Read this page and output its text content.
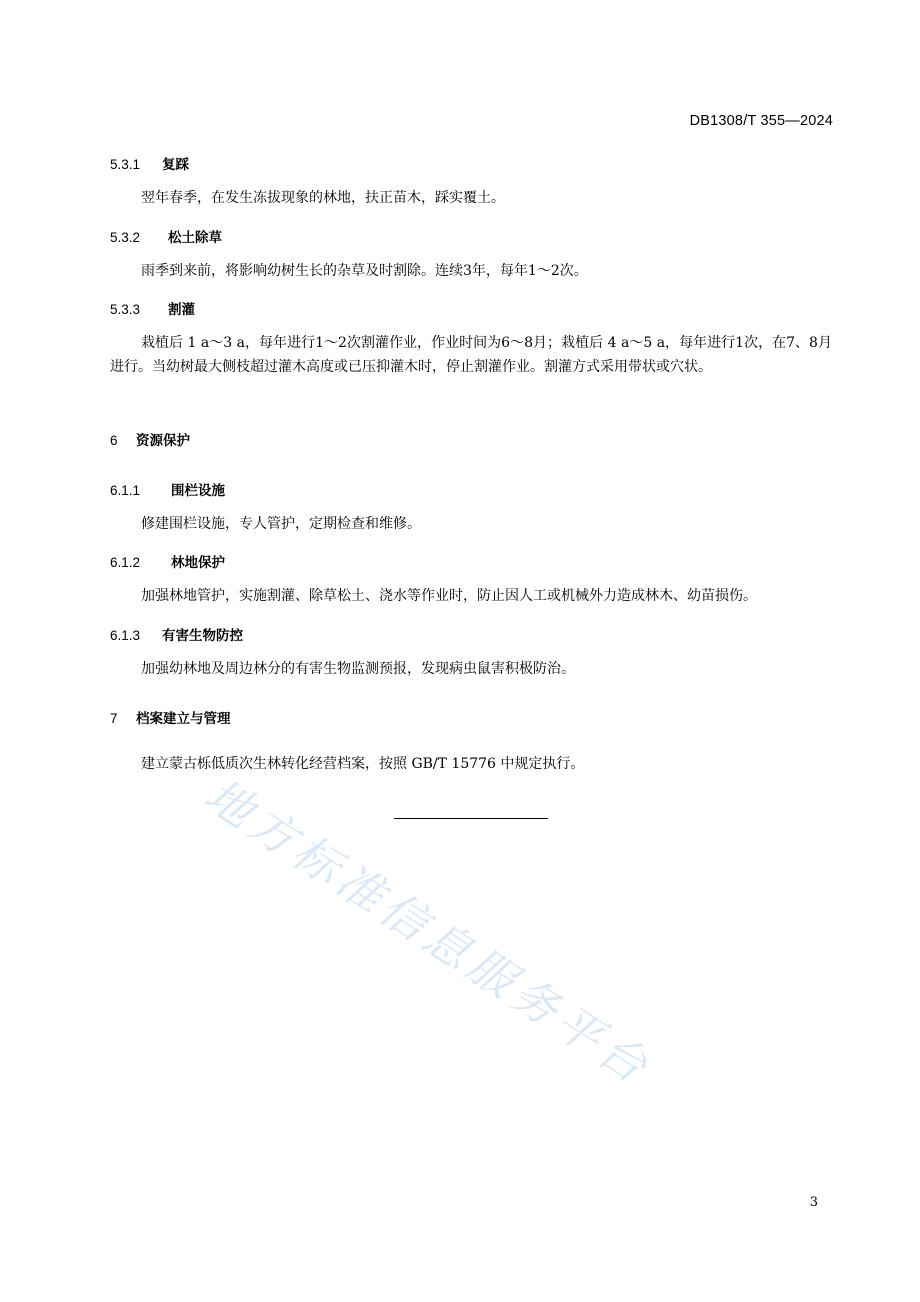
DB1308/T 355—2024
5.3.1 复踩
翌年春季，在发生冻拔现象的林地，扶正苗木，踩实覆土。
5.3.2 松土除草
雨季到来前，将影响幼树生长的杂草及时割除。连续3年，每年1～2次。
5.3.3 割灌
栽植后 1 a～3 a，每年进行1～2次割灌作业，作业时间为6～8月；栽植后 4 a～5 a，每年进行1次，在7、8月进行。当幼树最大侧枝超过灌木高度或已压抑灌木时，停止割灌作业。割灌方式采用带状或穴状。
6 资源保护
6.1.1 围栏设施
修建围栏设施，专人管护，定期检查和维修。
6.1.2 林地保护
加强林地管护，实施割灌、除草松土、浇水等作业时，防止因人工或机械外力造成林木、幼苗损伤。
6.1.3 有害生物防控
加强幼林地及周边林分的有害生物监测预报，发现病虫鼠害积极防治。
7 档案建立与管理
建立蒙古栎低质次生林转化经营档案，按照 GB/T 15776 中规定执行。
地方标准信息服务平台
3
